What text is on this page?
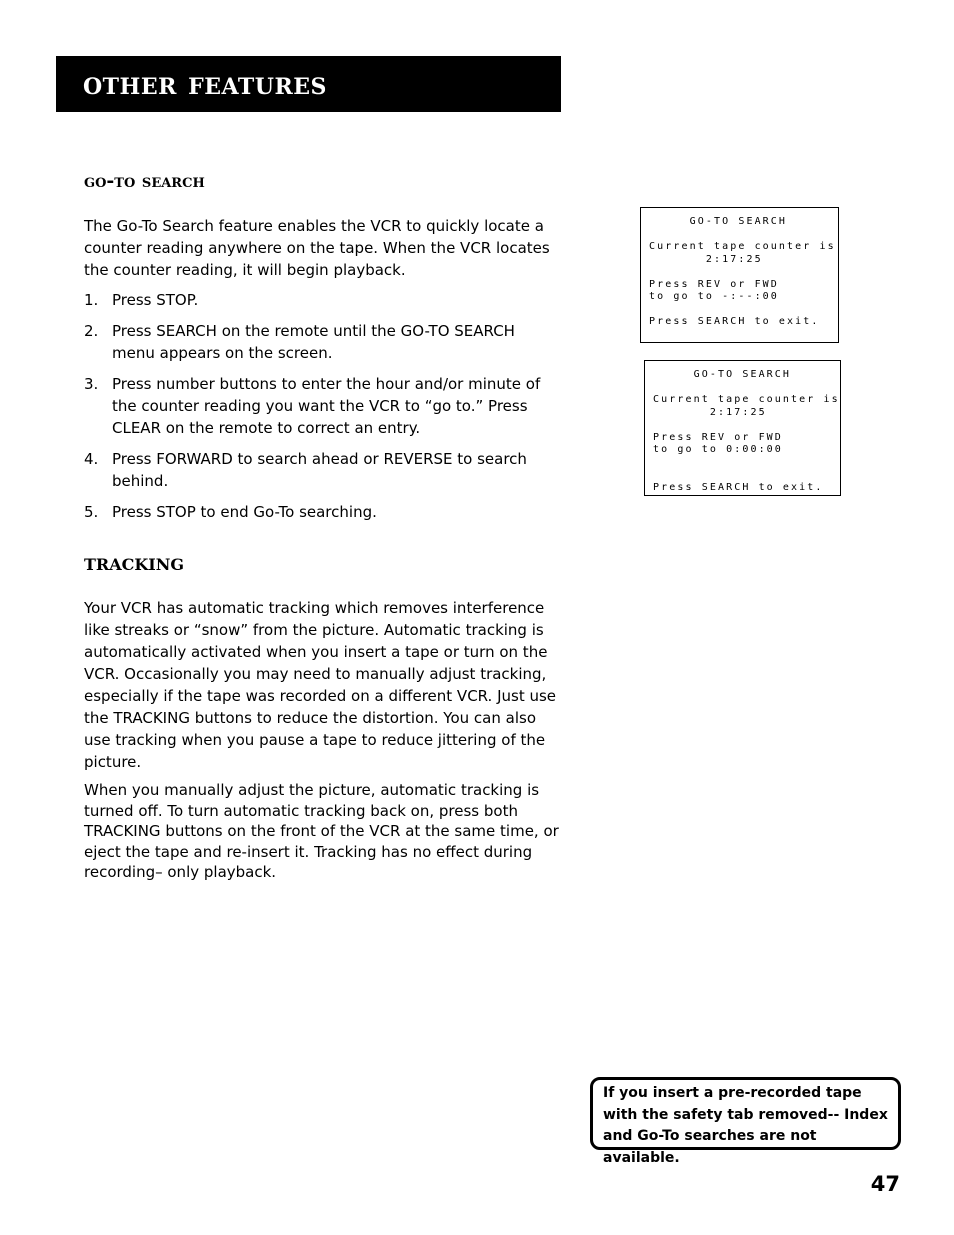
other features
go-to search

The Go-To Search feature enables the VCR to quickly locate a counter reading anywhere on the tape. When the VCR locates the counter reading, it will begin playback.

1. Press STOP.
2. Press SEARCH on the remote until the GO-TO SEARCH menu appears on the screen.
3. Press number buttons to enter the hour and/or minute of the counter reading you want the VCR to “go to.” Press CLEAR on the remote to correct an entry.
4. Press FORWARD to search ahead or REVERSE to search behind.
5. Press STOP to end Go-To searching.
tracking

Your VCR has automatic tracking which removes interference like streaks or “snow” from the picture. Automatic tracking is automatically activated when you insert a tape or turn on the VCR. Occasionally you may need to manually adjust tracking, especially if the tape was recorded on a different VCR. Just use the TRACKING buttons to reduce the distortion. You can also use tracking when you pause a tape to reduce jittering of the picture.

When you manually adjust the picture, automatic tracking is turned off. To turn automatic tracking back on, press both TRACKING buttons on the front of the VCR at the same time, or eject the tape and re-insert it. Tracking has no effect during recording– only playback.

GO-TO SEARCH
Current tape counter is
2:17:25
Press REV or FWD
to go to -:--:00
Press SEARCH to exit.
GO-TO SEARCH
Current tape counter is
2:17:25
Press REV or FWD
to go to 0:00:00
Press SEARCH to exit.
If you insert a pre-recorded tape with the safety tab removed-- Index and Go-To searches are not available.
47
